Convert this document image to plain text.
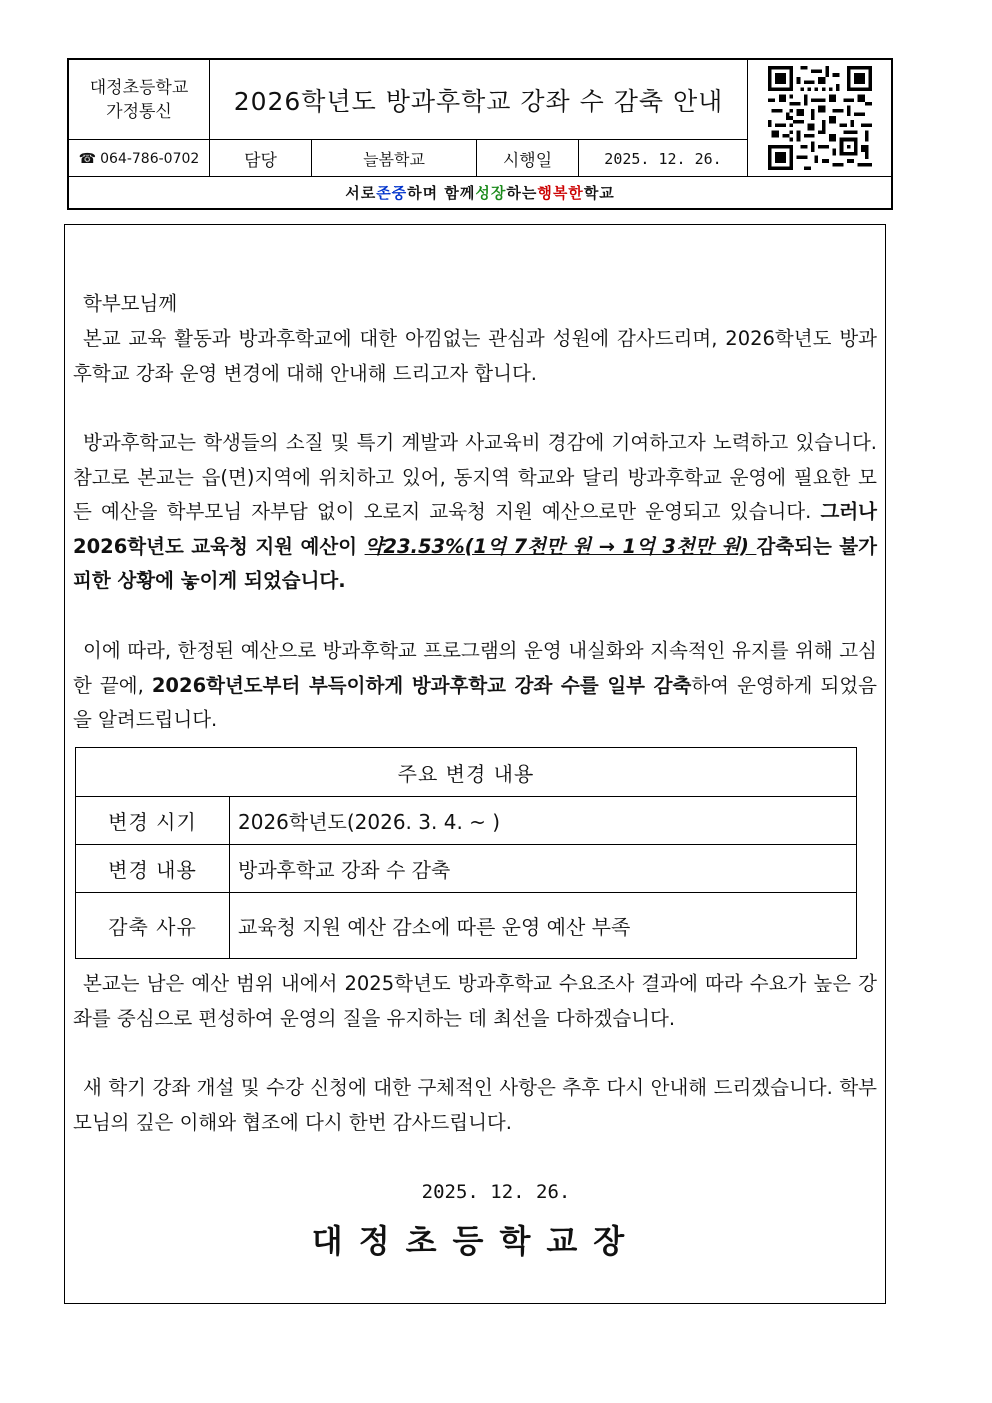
대정초등학교
가정통신	2026학년도 방과후학교 강좌 수 감축 안내
☎ 064-786-0702	담당	늘봄학교	시행일	2025. 12. 26.
서로 존중 하며 함께 성장 하는 행복한 학교
학부모님께
본교 교육 활동과 방과후학교에 대한 아낌없는 관심과 성원에 감사드리며, 2026학년도 방과후학교 강좌 운영 변경에 대해 안내해 드리고자 합니다.
방과후학교는 학생들의 소질 및 특기 계발과 사교육비 경감에 기여하고자 노력하고 있습니다. 참고로 본교는 읍(면)지역에 위치하고 있어, 동지역 학교와 달리 방과후학교 운영에 필요한 모든 예산을 학부모님 자부담 없이 오로지 교육청 지원 예산으로만 운영되고 있습니다. 그러나 2026학년도 교육청 지원 예산이 약23.53%(1억 7천만 원 → 1억 3천만 원) 감축되는 불가피한 상황에 놓이게 되었습니다.
이에 따라, 한정된 예산으로 방과후학교 프로그램의 운영 내실화와 지속적인 유지를 위해 고심한 끝에, 2026학년도부터 부득이하게 방과후학교 강좌 수를 일부 감축하여 운영하게 되었음을 알려드립니다.
주요 변경 내용
변경 시기	2026학년도(2026. 3. 4. ~ )
변경 내용	방과후학교 강좌 수 감축
감축 사유	교육청 지원 예산 감소에 따른 운영 예산 부족
본교는 남은 예산 범위 내에서 2025학년도 방과후학교 수요조사 결과에 따라 수요가 높은 강좌를 중심으로 편성하여 운영의 질을 유지하는 데 최선을 다하겠습니다.
새 학기 강좌 개설 및 수강 신청에 대한 구체적인 사항은 추후 다시 안내해 드리겠습니다. 학부모님의 깊은 이해와 협조에 다시 한번 감사드립니다.
2025. 12. 26.
대정초등학교장
